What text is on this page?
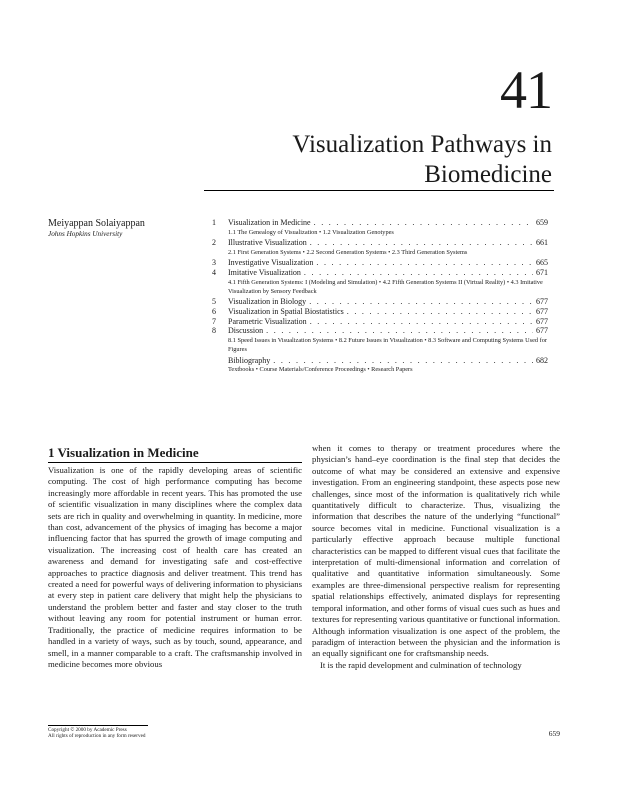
41
Visualization Pathways in
Biomedicine
Meiyappan Solaiyappan
Johns Hopkins University
1	Visualization in Medicine . . .	659
1.1 The Genealogy of Visualization • 1.2 Visualization Genotypes
2	Illustrative Visualization . . .	661
2.1 First Generation Systems • 2.2 Second Generation Systems • 2.3 Third Generation Systems
3	Investigative Visualization . . .	665
4	Imitative Visualization . . .	671
4.1 Fifth Generation Systems: I (Modeling and Simulation) • 4.2 Fifth Generation Systems II (Virtual Reality) • 4.3 Imitative Visualization by Sensory Feedback
5	Visualization in Biology . . .	677
6	Visualization in Spatial Biostatistics . . .	677
7	Parametric Visualization . . .	677
8	Discussion . . .	677
8.1 Speed Issues in Visualization Systems • 8.2 Future Issues in Visualization • 8.3 Software and Computing Systems Used for Figures
Bibliography . . .	682
Textbooks • Course Materials/Conference Proceedings • Research Papers
1 Visualization in Medicine

Visualization is one of the rapidly developing areas of scientific computing. The cost of high performance computing has become increasingly more affordable in recent years. This has promoted the use of scientific visualization in many disciplines where the complex data sets are rich in quality and overwhelming in quantity. In medicine, more than cost, advancement of the physics of imaging has become a major influencing factor that has spurred the growth of image computing and visualization. The increasing cost of health care has created an awareness and demand for investigating safe and cost-effective approaches to practice diagnosis and deliver treatment. This trend has created a need for powerful ways of delivering information to physicians at every step in patient care delivery that might help the physicians to understand the problem better and faster and stay closer to the truth without leaving any room for potential instrument or human error. Traditionally, the practice of medicine requires information to be handled in a variety of ways, such as by touch, sound, appearance, and smell, in a manner comparable to a craft. The craftsmanship involved in medicine becomes more obvious

when it comes to therapy or treatment procedures where the physician’s hand–eye coordination is the final step that decides the outcome of what may be considered an extensive and expensive investigation. From an engineering standpoint, these aspects pose new challenges, since most of the information is qualitatively rich while quantitatively difficult to characterize. Thus, visualizing the information that describes the nature of the underlying “functional” source becomes vital in medicine. Functional visualization is a particularly effective approach because multiple functional characteristics can be mapped to different visual cues that facilitate the interpretation of multi-dimensional information and correlation of qualitative and quantitative information simultaneously. Some examples are three-dimensional perspective realism for representing spatial relationships effectively, animated displays for representing temporal information, and other forms of visual cues such as hues and textures for representing various quantitative or functional information. Although information visualization is one aspect of the problem, the paradigm of interaction between the physician and the information is an equally significant one for craftsmanship needs.

It is the rapid development and culmination of technology

Copyright © 2000 by Academic Press
All rights of reproduction in any form reserved	659
